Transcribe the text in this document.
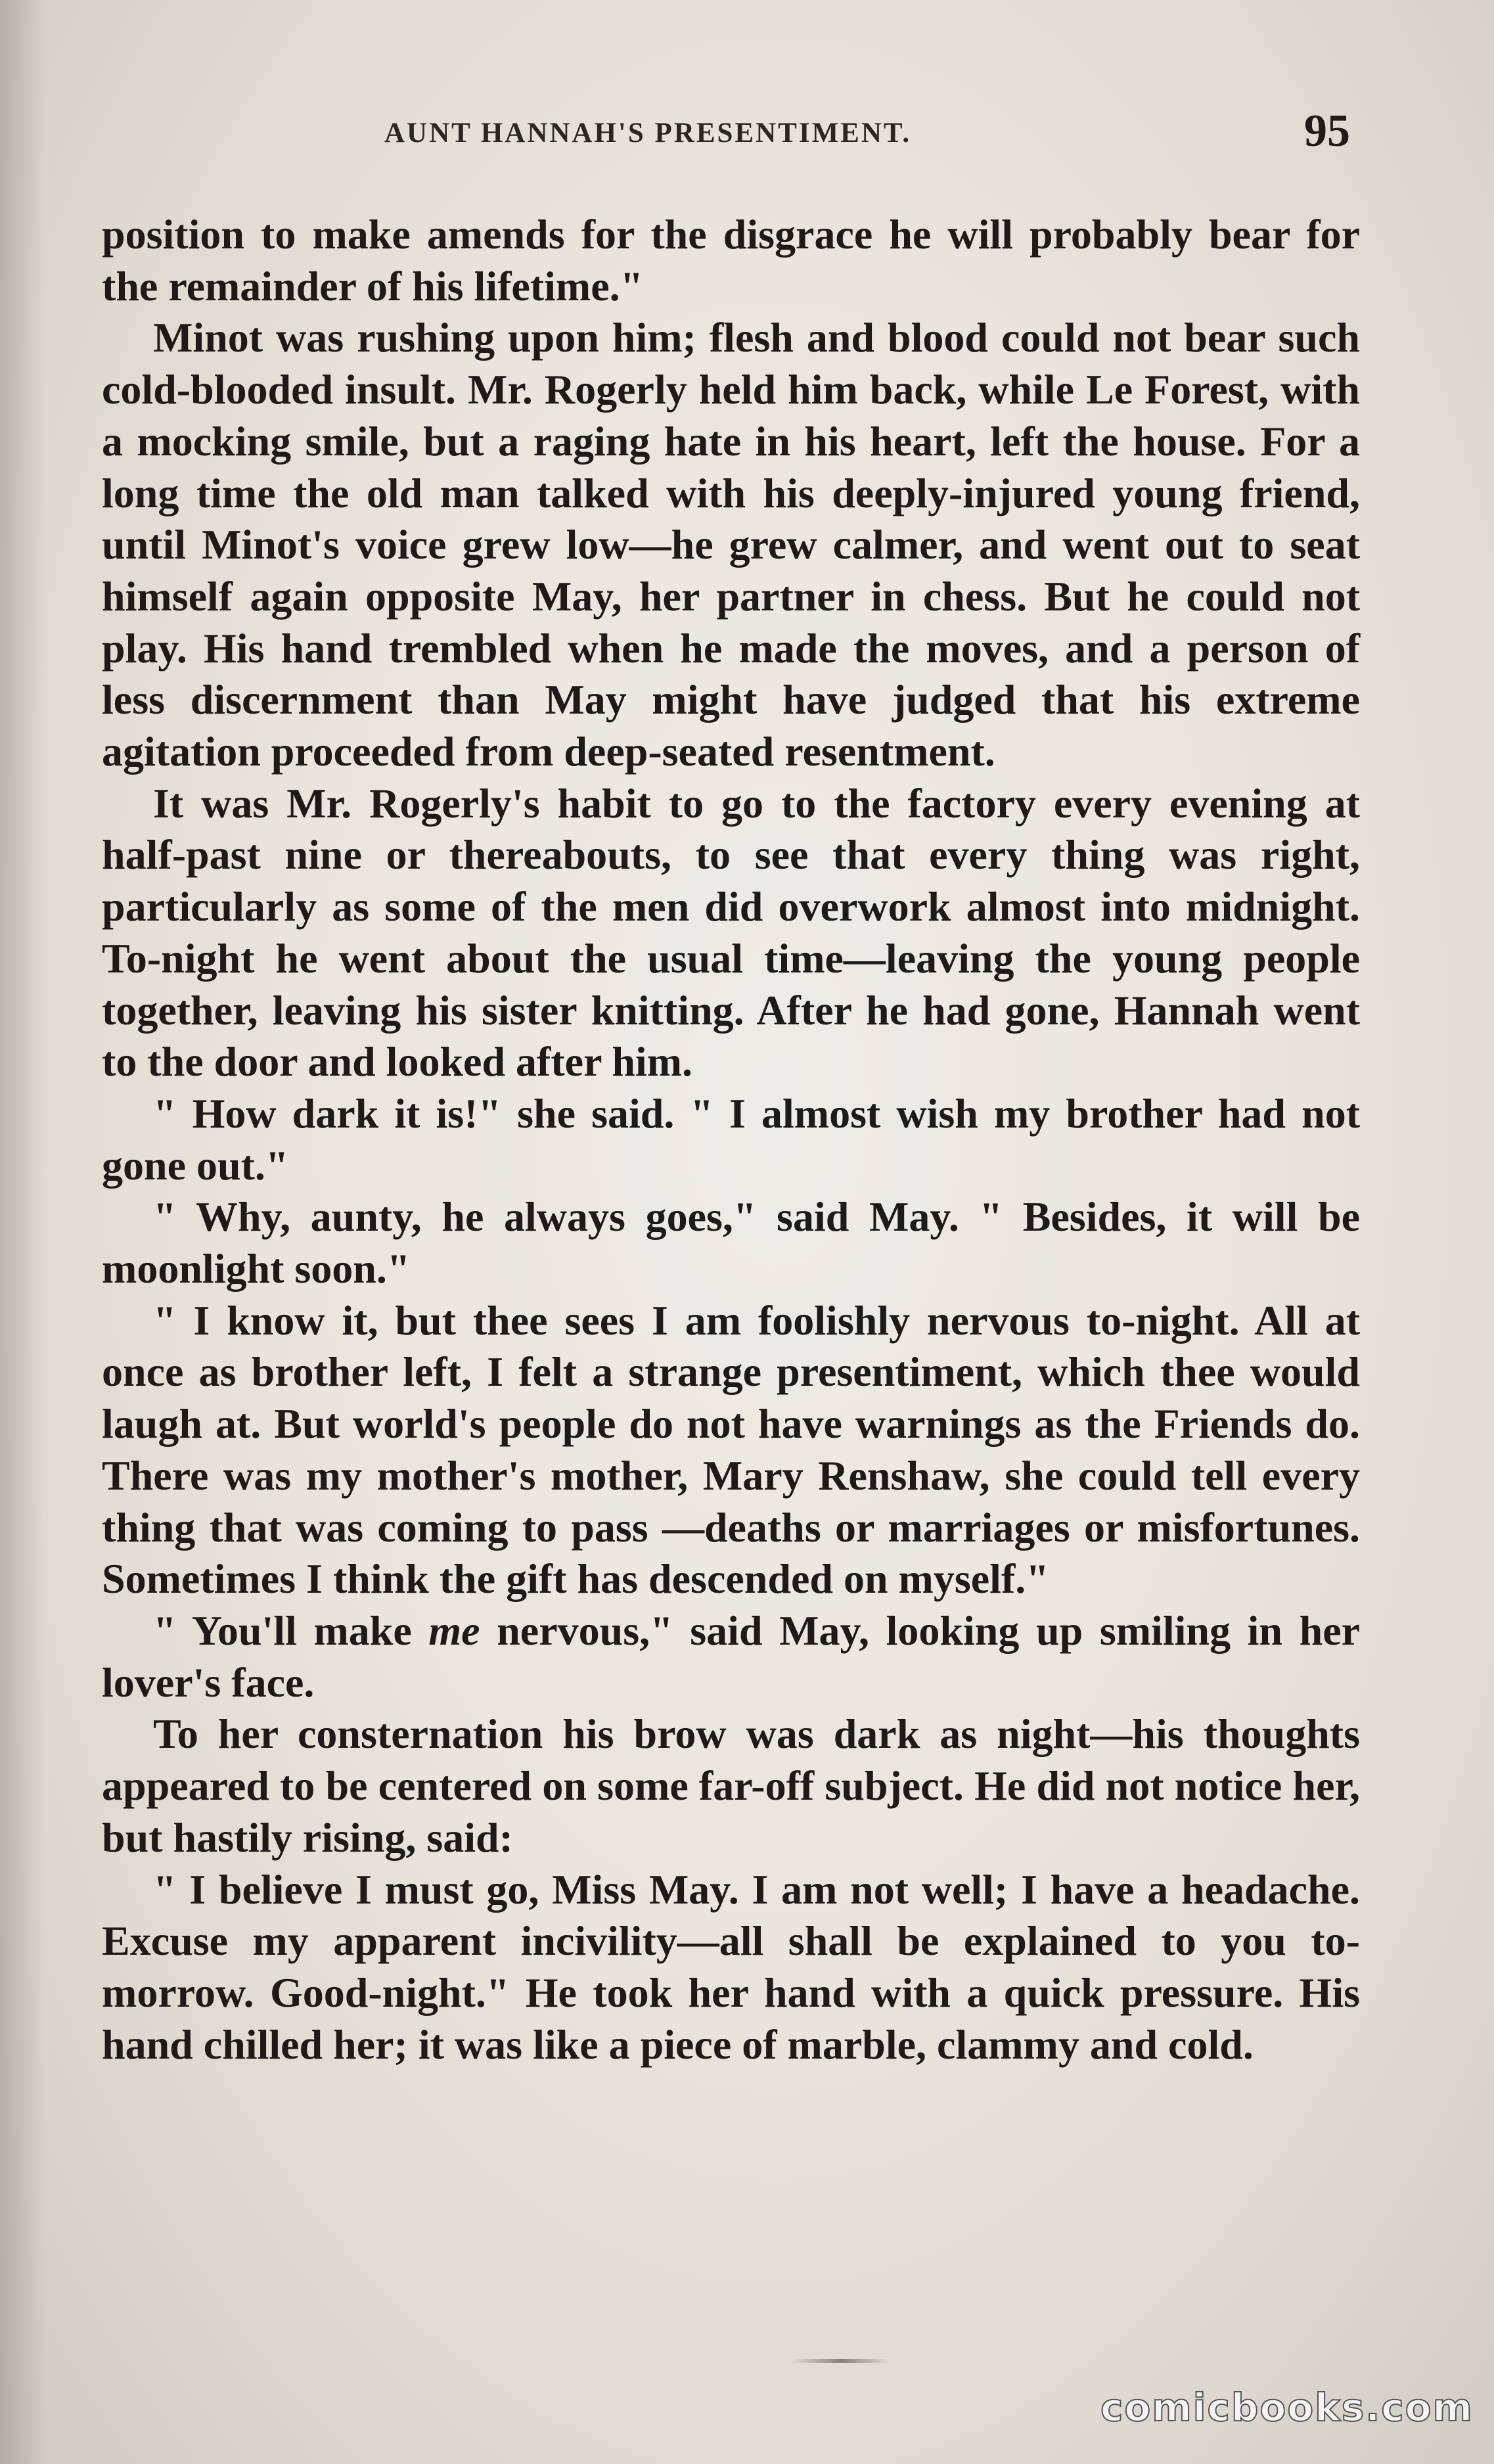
AUNT HANNAH'S PRESENTIMENT.	95

position to make amends for the disgrace he will probably bear for the remainder of his lifetime."

Minot was rushing upon him; flesh and blood could not bear such cold-blooded insult. Mr. Rogerly held him back, while Le Forest, with a mocking smile, but a raging hate in his heart, left the house. For a long time the old man talked with his deeply-injured young friend, until Minot's voice grew low—he grew calmer, and went out to seat himself again opposite May, her partner in chess. But he could not play. His hand trembled when he made the moves, and a person of less discernment than May might have judged that his extreme agitation proceeded from deep-seated resentment.

It was Mr. Rogerly's habit to go to the factory every evening at half-past nine or thereabouts, to see that every thing was right, particularly as some of the men did overwork almost into midnight. To-night he went about the usual time—leaving the young people together, leaving his sister knitting. After he had gone, Hannah went to the door and looked after him.

" How dark it is!" she said. " I almost wish my brother had not gone out."

" Why, aunty, he always goes," said May. " Besides, it will be moonlight soon."

" I know it, but thee sees I am foolishly nervous to-night. All at once as brother left, I felt a strange presentiment, which thee would laugh at. But world's people do not have warnings as the Friends do. There was my mother's mother, Mary Renshaw, she could tell every thing that was coming to pass —deaths or marriages or misfortunes. Sometimes I think the gift has descended on myself."

" You'll make me nervous," said May, looking up smiling in her lover's face.

To her consternation his brow was dark as night—his thoughts appeared to be centered on some far-off subject. He did not notice her, but hastily rising, said:

" I believe I must go, Miss May. I am not well; I have a headache. Excuse my apparent incivility—all shall be explained to you to-morrow. Good-night." He took her hand with a quick pressure. His hand chilled her; it was like a piece of marble, clammy and cold.

comicbooks.com
